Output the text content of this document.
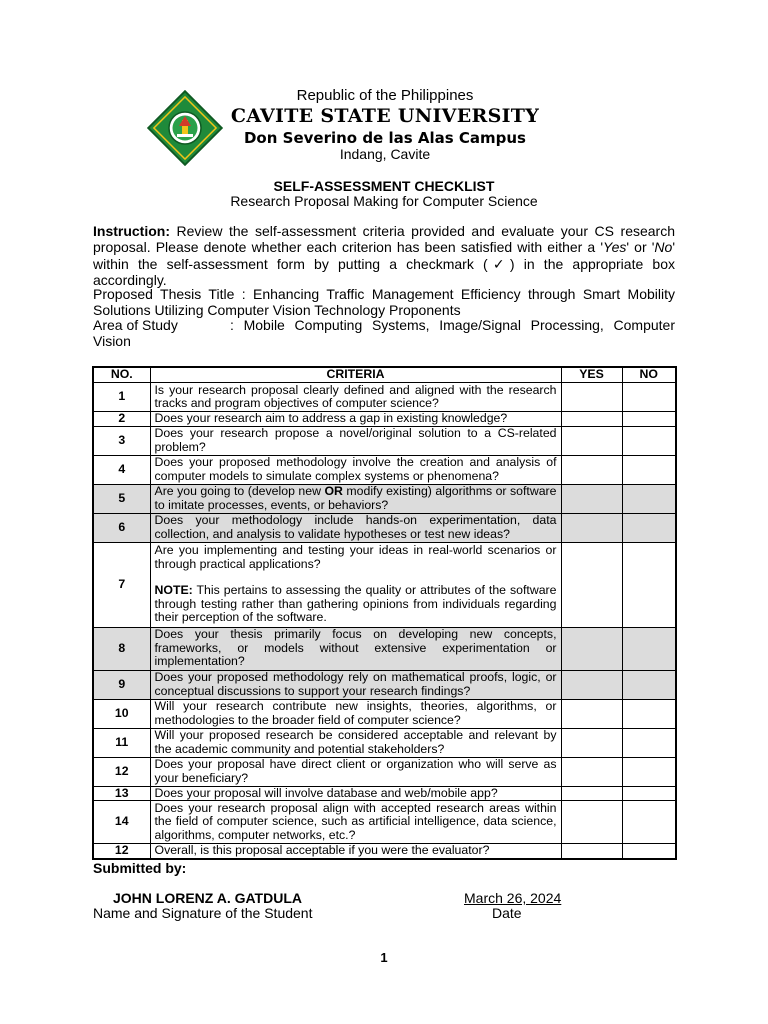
Republic of the Philippines
CAVITE STATE UNIVERSITY
Don Severino de las Alas Campus
Indang, Cavite
SELF-ASSESSMENT CHECKLIST
Research Proposal Making for Computer Science
Instruction: Review the self-assessment criteria provided and evaluate your CS research proposal. Please denote whether each criterion has been satisfied with either a 'Yes' or 'No' within the self-assessment form by putting a checkmark (✓) in the appropriate box accordingly.
Proposed Thesis Title : Enhancing Traffic Management Efficiency through Smart Mobility Solutions Utilizing Computer Vision Technology Proponents
Area of Study	: Mobile Computing Systems, Image/Signal Processing, Computer Vision
NO.	CRITERIA	YES	NO
1	Is your research proposal clearly defined and aligned with the research tracks and program objectives of computer science?		
2	Does your research aim to address a gap in existing knowledge?		
3	Does your research propose a novel/original solution to a CS-related problem?		
4	Does your proposed methodology involve the creation and analysis of computer models to simulate complex systems or phenomena?		
5	Are you going to (develop new OR modify existing) algorithms or software to imitate processes, events, or behaviors?		
6	Does your methodology include hands-on experimentation, data collection, and analysis to validate hypotheses or test new ideas?		
7	Are you implementing and testing your ideas in real-world scenarios or through practical applications?
NOTE: This pertains to assessing the quality or attributes of the software through testing rather than gathering opinions from individuals regarding their perception of the software.		

8	Does your thesis primarily focus on developing new concepts, frameworks, or models without extensive experimentation or implementation?		
9	Does your proposed methodology rely on mathematical proofs, logic, or conceptual discussions to support your research findings?		
10	Will your research contribute new insights, theories, algorithms, or methodologies to the broader field of computer science?		
11	Will your proposed research be considered acceptable and relevant by the academic community and potential stakeholders?		
12	Does your proposal have direct client or organization who will serve as your beneficiary?		
13	Does your proposal will involve database and web/mobile app?		
14	Does your research proposal align with accepted research areas within the field of computer science, such as artificial intelligence, data science, algorithms, computer networks, etc.?		
12	Overall, is this proposal acceptable if you were the evaluator?		
Submitted by:
JOHN LORENZ A. GATDULA
Name and Signature of the Student
March 26, 2024
Date
1
